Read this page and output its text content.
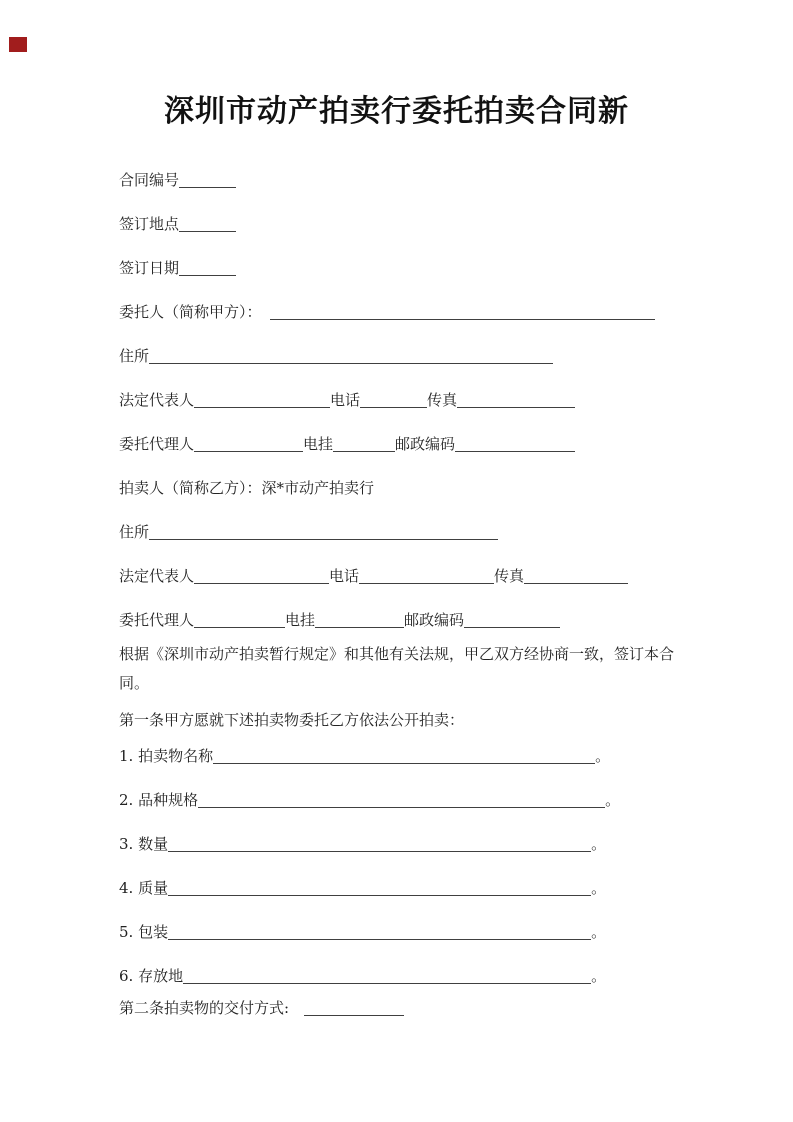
深圳市动产拍卖行委托拍卖合同新
合同编号
签订地点
签订日期
委托人（简称甲方）：
住所
法定代表人	电话	传真
委托代理人	电挂	邮政编码
拍卖人（简称乙方）：深*市动产拍卖行
住所
法定代表人	电话	传真
委托代理人	电挂	邮政编码

根据《深圳市动产拍卖暂行规定》和其他有关法规，甲乙双方经协商一致，签订本合同。

第一条甲方愿就下述拍卖物委托乙方依法公开拍卖：

1. 拍卖物名称	。
2. 品种规格	。
3. 数量	。
4. 质量	。
5. 包装	。
6. 存放地	。
第二条拍卖物的交付方式:
